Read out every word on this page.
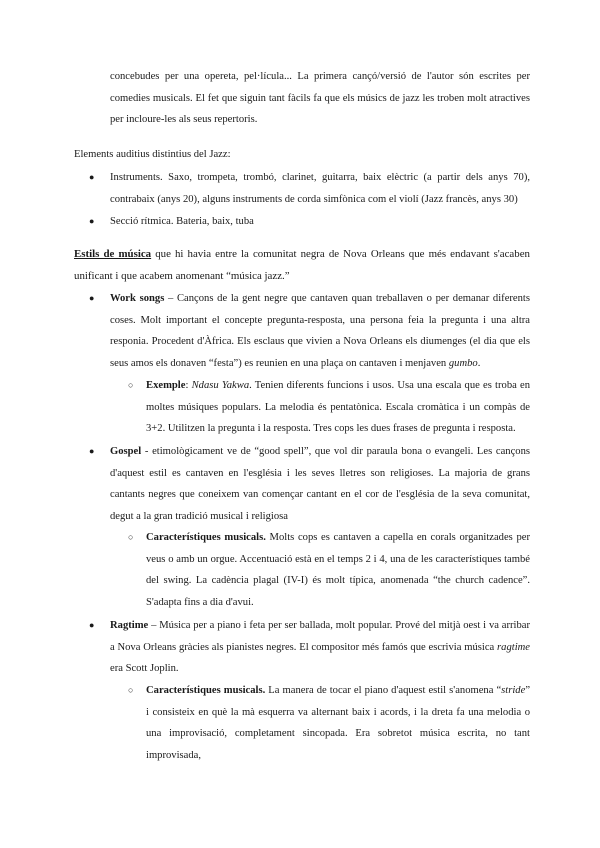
concebudes per una opereta, pel·lícula... La primera cançó/versió de l'autor són escrites per comedies musicals. El fet que siguin tant fàcils fa que els músics de jazz les troben molt atractives per incloure-les als seus repertoris.
Elements auditius distintius del Jazz:
● Instruments. Saxo, trompeta, trombó, clarinet, guitarra, baix elèctric (a partir dels anys 70), contrabaix (anys 20), alguns instruments de corda simfònica com el violí (Jazz francès, anys 30)
● Secció rítmica. Bateria, baix, tuba
Estils de música que hi havia entre la comunitat negra de Nova Orleans que més endavant s'acaben unificant i que acabem anomenant “música jazz.”
● Work songs – Cançons de la gent negre que cantaven quan treballaven o per demanar diferents coses. Molt important el concepte pregunta-resposta, una persona feia la pregunta i una altra responia. Procedent d'Àfrica. Els esclaus que vivien a Nova Orleans els diumenges (el dia que els seus amos els donaven “festa”) es reunien en una plaça on cantaven i menjaven gumbo.
○ Exemple: Ndasu Yakwa. Tenien diferents funcions i usos. Usa una escala que es troba en moltes músiques populars. La melodia és pentatònica. Escala cromàtica i un compàs de 3+2. Utilitzen la pregunta i la resposta. Tres cops les dues frases de pregunta i resposta.
● Gospel - etimològicament ve de “good spell”, que vol dir paraula bona o evangeli. Les cançons d'aquest estil es cantaven en l'església i les seves lletres son religioses. La majoria de grans cantants negres que coneixem van començar cantant en el cor de l'església de la seva comunitat, degut a la gran tradició musical i religiosa
○ Característiques musicals. Molts cops es cantaven a capella en corals organitzades per veus o amb un orgue. Accentuació està en el temps 2 i 4, una de les característiques també del swing. La cadència plagal (IV-I) és molt típica, anomenada “the church cadence”. S'adapta fins a dia d'avui.
● Ragtime – Música per a piano i feta per ser ballada, molt popular. Prové del mitjà oest i va arribar a Nova Orleans gràcies als pianistes negres. El compositor més famós que escrivia música ragtime era Scott Joplin.
○ Característiques musicals. La manera de tocar el piano d'aquest estil s'anomena “stride” i consisteix en què la mà esquerra va alternant baix i acords, i la dreta fa una melodia o una improvisació, completament sincopada. Era sobretot música escrita, no tant improvisada,
